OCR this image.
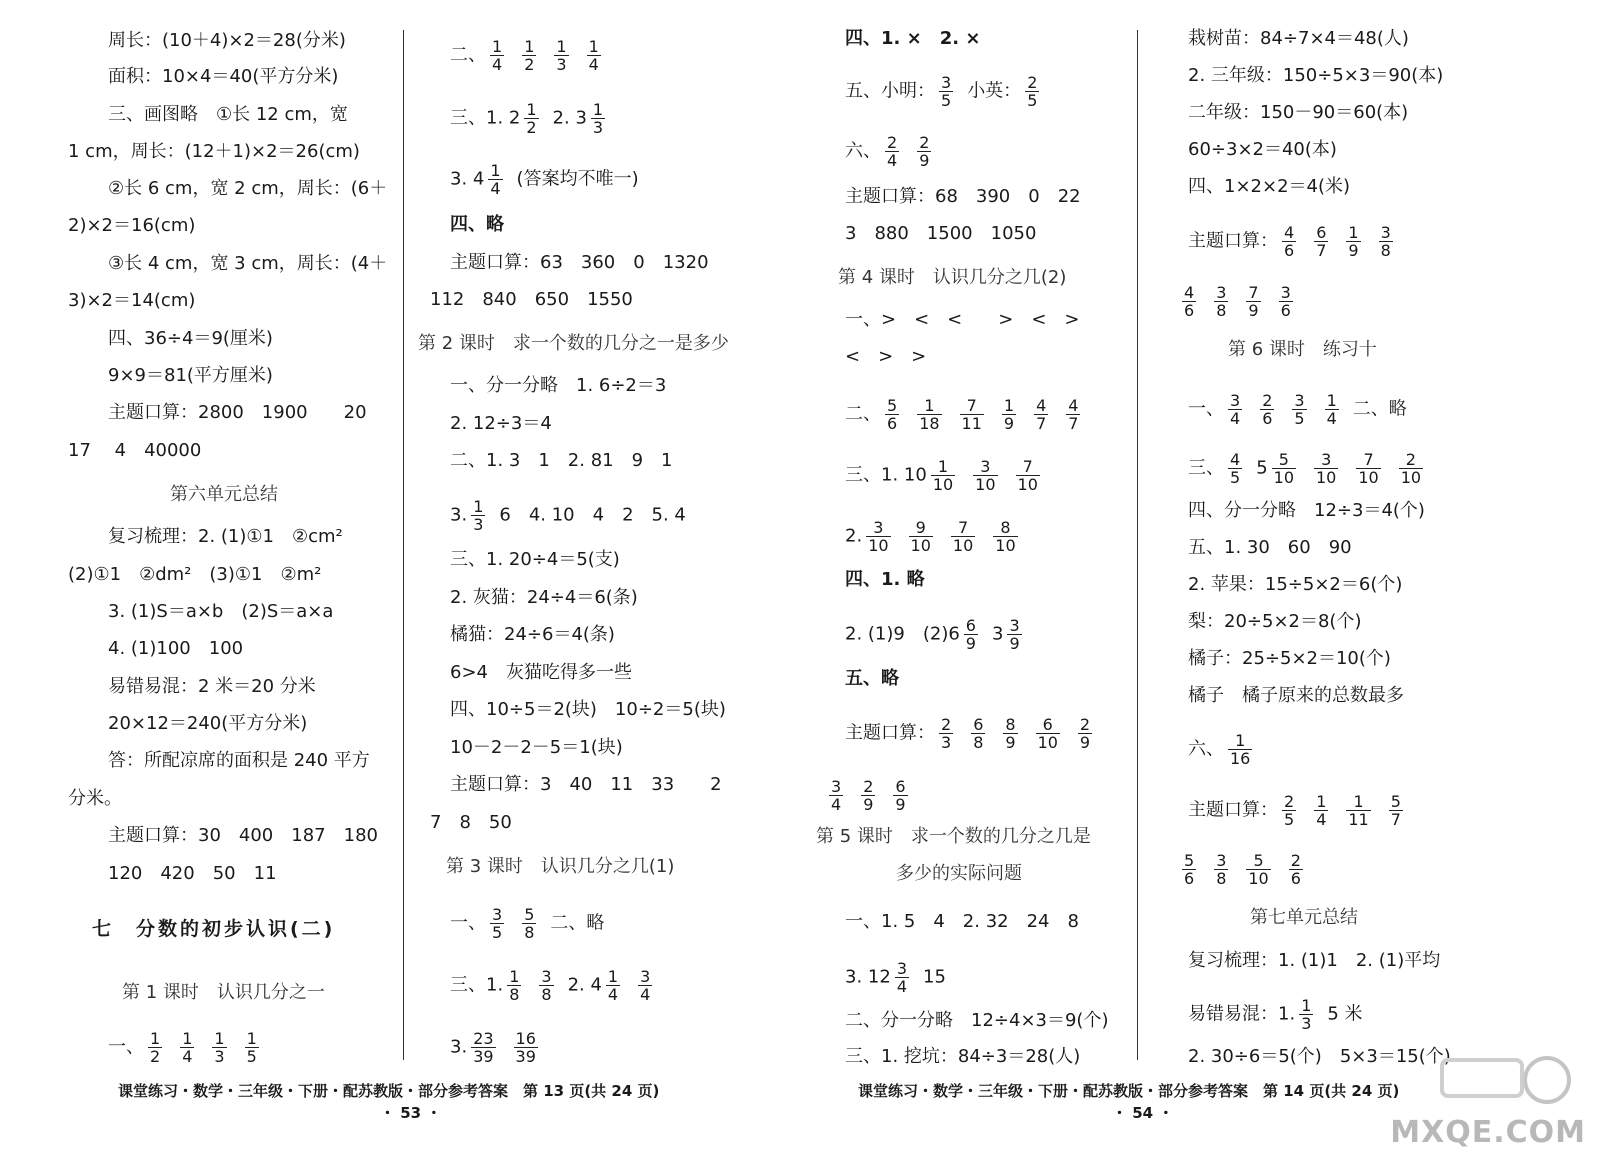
周长：(10＋4)×2＝28(分米)
面积：10×4＝40(平方分米)
三、画图略　①长 12 cm，宽
1 cm，周长：(12＋1)×2＝26(cm)
②长 6 cm，宽 2 cm，周长：(6＋
2)×2＝16(cm)
③长 4 cm，宽 3 cm，周长：(4＋
3)×2＝14(cm)
四、36÷4＝9(厘米)
9×9＝81(平方厘米)
主题口算：2800　1900　　20
17　 4　40000
第六单元总结
复习梳理：2. (1)①1　②cm²
(2)①1　②dm²　(3)①1　②m²
3. (1)S＝a×b　(2)S＝a×a
4. (1)100　100
易错易混：2 米＝20 分米
20×12＝240(平方分米)
答：所配凉席的面积是 240 平方
分米。
主题口算：30　400　187　180
120　420　50　11
七　分数的初步认识(二)
第 1 课时　认识几分之一
一、 $\frac{1}{2} \frac{1}{4} \frac{1}{3} \frac{1}{5}$
二、 $\frac{1}{4} \frac{1}{2} \frac{1}{3} \frac{1}{4}$
三、1. $2 \frac{1}{2} 2$. $3 \frac{1}{3}$
3. $4 \frac{1}{4}$ (答案均不唯一)
四、略
主题口算：63　360　0　1320
112　840　650　1550
第 2 课时　求一个数的几分之一是多少
一、分一分略　1. 6÷2＝3
2. 12÷3＝4
二、1. 3　1　2. 81　9　1
3. $\frac{1}{3} 6$　4. 10　4　2　5. 4
三、1. 20÷4＝5(支)
2. 灰猫：24÷4＝6(条)
橘猫：24÷6＝4(条)
6>4　灰猫吃得多一些
四、10÷5＝2(块)　10÷2＝5(块)
10－2－2－5＝1(块)
主题口算：3　40　11　33　　2
7　8　50
第 3 课时　认识几分之几(1)
一、 $\frac{3}{5} \frac{5}{8}$ 二、略
三、1. $\frac{1}{8} \frac{3}{8} 2$. $4 \frac{1}{4} \frac{3}{4}$
3. $\frac{23}{39} \frac{16}{39}$
四、1. ×　2. ×
五、小明： $\frac{3}{5}$ 小英： $\frac{2}{5}$
六、 $\frac{2}{4} \frac{2}{9}$
主题口算：68　390　0　22
3　880　1500　1050
第 4 课时　认识几分之几(2)
一、>　<　<　　>　<　>
<　>　>
二、 $\frac{5}{6} \frac{1}{18} \frac{7}{11} \frac{1}{9} \frac{4}{7} \frac{4}{7}$
三、1. $10 \frac{1}{10} \frac{3}{10} \frac{7}{10}$
2. $\frac{3}{10} \frac{9}{10} \frac{7}{10} \frac{8}{10}$
四、1. 略
2. (1)9　$(2)6 \frac{6}{9} 3 \frac{3}{9}$
五、略
主题口算： $\frac{2}{3} \frac{6}{8} \frac{8}{9} \frac{6}{10} \frac{2}{9}$
$\frac{3}{4} \frac{2}{9} \frac{6}{9}$
第 5 课时　求一个数的几分之几是
多少的实际问题
一、1. 5　4　2. 32　24　8
3. $12 \frac{3}{4} 15$
二、分一分略　12÷4×3＝9(个)
三、1. 挖坑：84÷3＝28(人)
栽树苗：84÷7×4＝48(人)
2. 三年级：150÷5×3＝90(本)
二年级：150－90＝60(本)
60÷3×2＝40(本)
四、1×2×2＝4(米)
主题口算： $\frac{4}{6} \frac{6}{7} \frac{1}{9} \frac{3}{8}$
$\frac{4}{6} \frac{3}{8} \frac{7}{9} \frac{3}{6}$
第 6 课时　练习十
一、 $\frac{3}{4} \frac{2}{6} \frac{3}{5} \frac{1}{4}$ 二、略
三、 $\frac{4}{5} 5 \frac{5}{10} \frac{3}{10} \frac{7}{10} \frac{2}{10}$
四、分一分略　12÷3＝4(个)
五、1. 30　60　90
2. 苹果：15÷5×2＝6(个)
梨：20÷5×2＝8(个)
橘子：25÷5×2＝10(个)
橘子　橘子原来的总数最多
六、 $\frac{1}{16}$
主题口算： $\frac{2}{5} \frac{1}{4} \frac{1}{11} \frac{5}{7}$
$\frac{5}{6} \frac{3}{8} \frac{5}{10} \frac{2}{6}$
第七单元总结
复习梳理：1. (1)1　2. (1)平均
易错易混：1. $\frac{1}{3} 5$ 米
2. 30÷6＝5(个)　5×3＝15(个)
课堂练习・数学・三年级・下册・配苏教版・部分参考答案　第 13 页(共 24 页)
・ 53 ・
课堂练习・数学・三年级・下册・配苏教版・部分参考答案　第 14 页(共 24 页)
・ 54 ・
MXQE.COM
